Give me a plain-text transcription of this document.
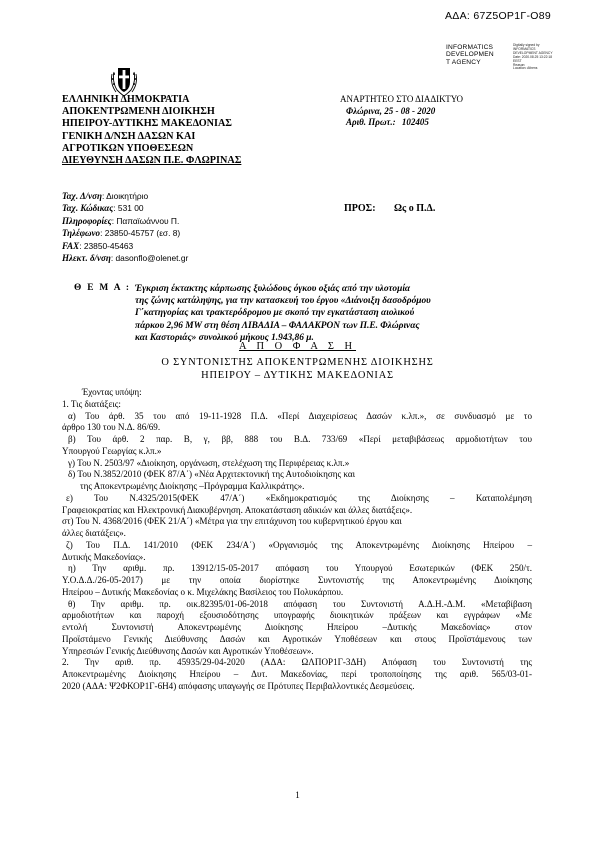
ΑΔΑ: 67Ζ5ΟΡ1Γ-Ο89
INFORMATICS
DEVELOPMEN
T AGENCY
Digitally signed by
INFORMATICS
DEVELOPMENT AGENCY
Date: 2020.08.25 13:22:18
EEST
Reason:
Location: Athens
ΕΛΛΗΝΙΚΗ ΔΗΜΟΚΡΑΤΙΑ
ΑΠΟΚΕΝΤΡΩΜΕΝΗ ΔΙΟΙΚΗΣΗ
ΗΠΕΙΡΟΥ-ΔΥΤΙΚΗΣ ΜΑΚΕΔΟΝΙΑΣ
ΓΕΝΙΚΗ Δ/ΝΣΗ ΔΑΣΩΝ ΚΑΙ
ΑΓΡΟΤΙΚΩΝ ΥΠΟΘΕΣΕΩΝ
ΔΙΕΥΘΥΝΣΗ ΔΑΣΩΝ Π.Ε. ΦΛΩΡΙΝΑΣ
ΑΝΑΡΤΗΤΕΟ ΣΤΟ ΔΙΑΔΙΚΤΥΟ
Φλώρινα, 25 - 08 - 2020
Αριθ. Πρωτ.: 102405
Ταχ. Δ/νση: Διοικητήριο
Ταχ. Κώδικας: 531 00
Πληροφορίες: Παπαϊωάννου Π.
Τηλέφωνο: 23850-45757 (εσ. 8)
FAX: 23850-45463
Ηλεκτ. δ/νση: dasonflo@olenet.gr
ΠΡΟΣ: Ως ο Π.Δ.
Θ Ε Μ Α : Έγκριση έκτακτης κάρπωσης ξυλώδους όγκου οξιάς από την υλοτομία
της ζώνης κατάληψης, για την κατασκευή του έργου «Διάνοιξη δασοδρόμου
Γ΄κατηγορίας και τρακτερόδρομου με σκοπό την εγκατάσταση αιολικού
πάρκου 2,96 MW στη θέση ΛΙΒΑΔΙΑ – ΦΑΛΑΚΡΟΝ των Π.Ε. Φλώρινας
και Καστοριάς» συνολικού μήκους 1.943,86 μ.
Α Π Ο Φ Α Σ Η
Ο ΣΥΝΤΟΝΙΣΤΗΣ ΑΠΟΚΕΝΤΡΩΜΕΝΗΣ ΔΙΟΙΚΗΣΗΣ
ΗΠΕΙΡΟΥ – ΔΥΤΙΚΗΣ ΜΑΚΕΔΟΝΙΑΣ
Έχοντας υπόψη:
1. Τις διατάξεις:
α) Του άρθ. 35 του από 19-11-1928 Π.Δ. «Περί Διαχειρίσεως Δασών κ.λπ.», σε συνδυασμό με το
άρθρο 130 του Ν.Δ. 86/69.
β) Του άρθ. 2 παρ. Β, γ, ββ, 888 του Β.Δ. 733/69 «Περί μεταβιβάσεως αρμοδιοτήτων του
Υπουργού Γεωργίας κ.λπ.»
γ) Του Ν. 2503/97 «Διοίκηση, οργάνωση, στελέχωση της Περιφέρειας κ.λπ.»
δ) Του Ν.3852/2010 (ΦΕΚ 87/Α΄) «Νέα Αρχιτεκτονική της Αυτοδιοίκησης και
της Αποκεντρωμένης Διοίκησης –Πρόγραμμα Καλλικράτης».
ε) Του Ν.4325/2015(ΦΕΚ 47/Α΄) «Εκδημοκρατισμός της Διοίκησης – Καταπολέμηση
Γραφειοκρατίας και Ηλεκτρονική Διακυβέρνηση. Αποκατάσταση αδικιών και άλλες διατάξεις».
στ) Του Ν. 4368/2016 (ΦΕΚ 21/Α΄) «Μέτρα για την επιτάχυνση του κυβερνητικού έργου και
άλλες διατάξεις».
ζ) Του Π.Δ. 141/2010 (ΦΕΚ 234/Α΄) «Οργανισμός της Αποκεντρωμένης Διοίκησης Ηπείρου –
Δυτικής Μακεδονίας».
η) Την αριθμ. πρ. 13912/15-05-2017 απόφαση του Υπουργού Εσωτερικών (ΦΕΚ 250/τ.
Υ.Ο.Δ.Δ./26-05-2017) με την οποία διορίστηκε Συντονιστής της Αποκεντρωμένης Διοίκησης
Ηπείρου – Δυτικής Μακεδονίας ο κ. Μιχελάκης Βασίλειος του Πολυκάρπου.
θ) Την αριθμ. πρ. οικ.82395/01-06-2018 απόφαση του Συντονιστή Α.Δ.Η.-Δ.Μ. «Μεταβίβαση
αρμοδιοτήτων και παροχή εξουσιοδότησης υπογραφής διοικητικών πράξεων και εγγράφων «Με
εντολή Συντονιστή Αποκεντρωμένης Διοίκησης Ηπείρου –Δυτικής Μακεδονίας» στον
Προϊστάμενο Γενικής Διεύθυνσης Δασών και Αγροτικών Υποθέσεων και στους Προϊστάμενους των
Υπηρεσιών Γενικής Διεύθυνσης Δασών και Αγροτικών Υποθέσεων».
2. Την αριθ. πρ. 45935/29-04-2020 (ΑΔΑ: ΩΛΠΟΡ1Γ-3ΔΗ) Απόφαση του Συντονιστή της
Αποκεντρωμένης Διοίκησης Ηπείρου – Δυτ. Μακεδονίας, περί τροποποίησης της αριθ. 565/03-01-
2020 (ΑΔΑ: Ψ2ΦΚΟΡ1Γ-6Η4) απόφασης υπαγωγής σε Πρότυπες Περιβαλλοντικές Δεσμεύσεις.
1
